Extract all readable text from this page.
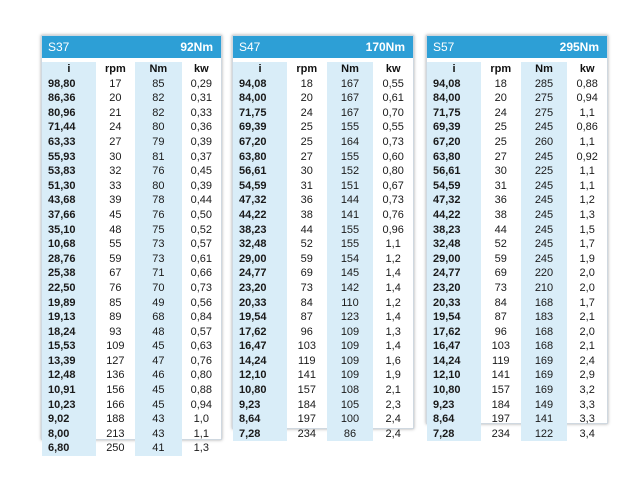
S37	92Nm
i	rpm	Nm	kw
98,80	17	85	0,29
86,36	20	82	0,31
80,96	21	82	0,33
71,44	24	80	0,36
63,33	27	79	0,39
55,93	30	81	0,37
53,83	32	76	0,45
51,30	33	80	0,39
43,68	39	78	0,44
37,66	45	76	0,50
35,10	48	75	0,52
10,68	55	73	0,57
28,76	59	73	0,61
25,38	67	71	0,66
22,50	76	70	0,73
19,89	85	49	0,56
19,13	89	68	0,84
18,24	93	48	0,57
15,53	109	45	0,63
13,39	127	47	0,76
12,48	136	46	0,80
10,91	156	45	0,88
10,23	166	45	0,94
9,02	188	43	1,0
8,00	213	43	1,1
6,80	250	41	1,3
S47	170Nm
i	rpm	Nm	kw
94,08	18	167	0,55
84,00	20	167	0,61
71,75	24	167	0,70
69,39	25	155	0,55
67,20	25	164	0,73
63,80	27	155	0,60
56,61	30	152	0,80
54,59	31	151	0,67
47,32	36	144	0,73
44,22	38	141	0,76
38,23	44	155	0,96
32,48	52	155	1,1
29,00	59	154	1,2
24,77	69	145	1,4
23,20	73	142	1,4
20,33	84	110	1,2
19,54	87	123	1,4
17,62	96	109	1,3
16,47	103	109	1,4
14,24	119	109	1,6
12,10	141	109	1,9
10,80	157	108	2,1
9,23	184	105	2,3
8,64	197	100	2,4
7,28	234	86	2,4
S57	295Nm
i	rpm	Nm	kw
94,08	18	285	0,88
84,00	20	275	0,94
71,75	24	275	1,1
69,39	25	245	0,86
67,20	25	260	1,1
63,80	27	245	0,92
56,61	30	225	1,1
54,59	31	245	1,1
47,32	36	245	1,2
44,22	38	245	1,3
38,23	44	245	1,5
32,48	52	245	1,7
29,00	59	245	1,9
24,77	69	220	2,0
23,20	73	210	2,0
20,33	84	168	1,7
19,54	87	183	2,1
17,62	96	168	2,0
16,47	103	168	2,1
14,24	119	169	2,4
12,10	141	169	2,9
10,80	157	169	3,2
9,23	184	149	3,3
8,64	197	141	3,3
7,28	234	122	3,4
